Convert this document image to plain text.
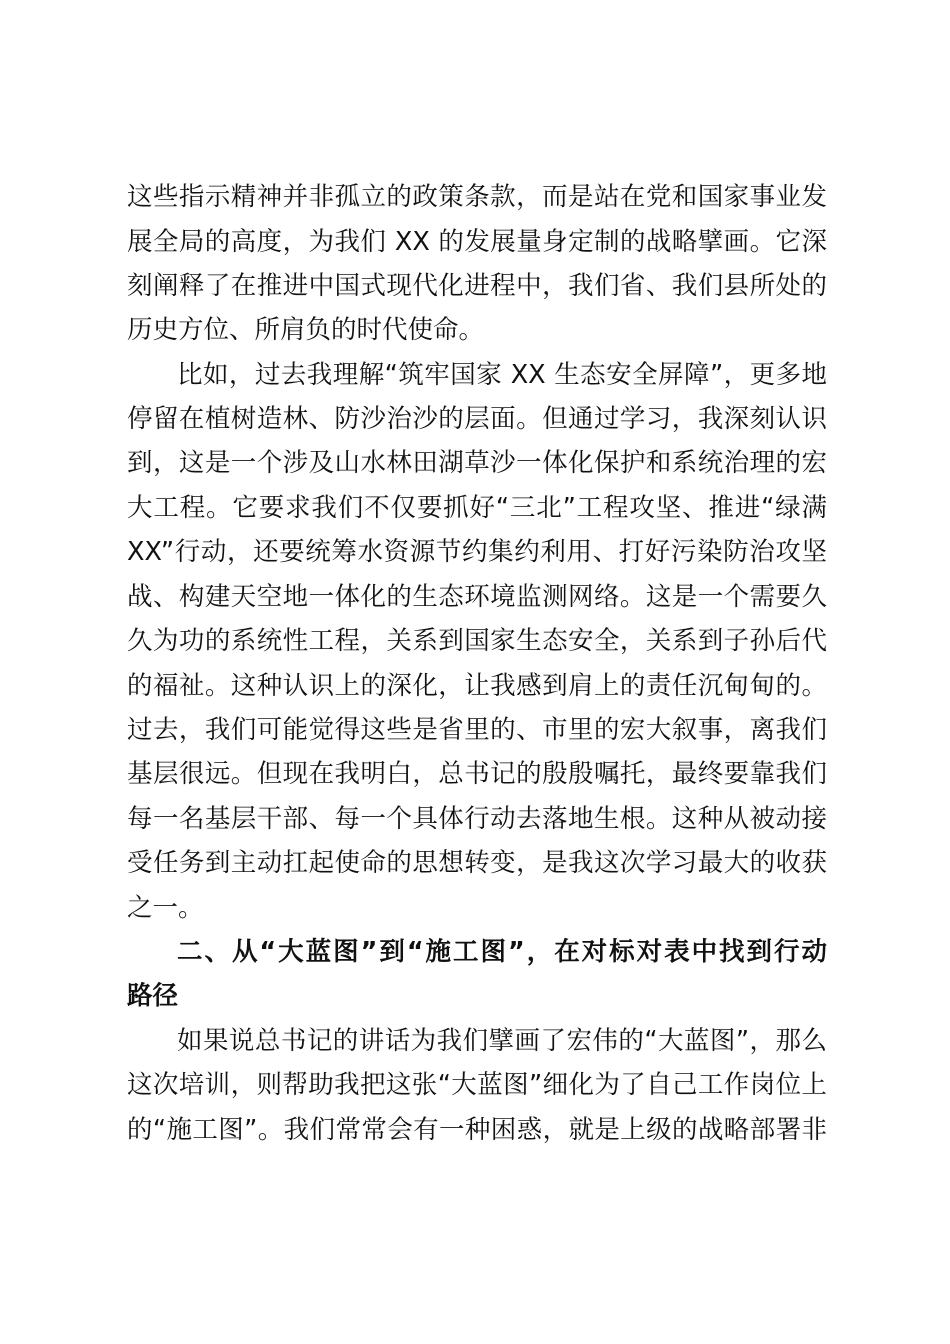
这些指示精神并非孤立的政策条款，而是站在党和国家事业发

展全局的高度，为我们 XX 的发展量身定制的战略擘画。它深

刻阐释了在推进中国式现代化进程中，我们省、我们县所处的

历史方位、所肩负的时代使命。

比如，过去我理解“筑牢国家 XX 生态安全屏障”，更多地

停留在植树造林、防沙治沙的层面。但通过学习，我深刻认识

到，这是一个涉及山水林田湖草沙一体化保护和系统治理的宏

大工程。它要求我们不仅要抓好“三北”工程攻坚、推进“绿满

XX”行动，还要统筹水资源节约集约利用、打好污染防治攻坚

战、构建天空地一体化的生态环境监测网络。这是一个需要久

久为功的系统性工程，关系到国家生态安全，关系到子孙后代

的福祉。这种认识上的深化，让我感到肩上的责任沉甸甸的。

过去，我们可能觉得这些是省里的、市里的宏大叙事，离我们

基层很远。但现在我明白，总书记的殷殷嘱托，最终要靠我们

每一名基层干部、每一个具体行动去落地生根。这种从被动接

受任务到主动扛起使命的思想转变，是我这次学习最大的收获

之一。

二、从“大蓝图”到“施工图”，在对标对表中找到行动

路径

如果说总书记的讲话为我们擘画了宏伟的“大蓝图”，那么

这次培训，则帮助我把这张“大蓝图”细化为了自己工作岗位上

的“施工图”。我们常常会有一种困惑，就是上级的战略部署非
